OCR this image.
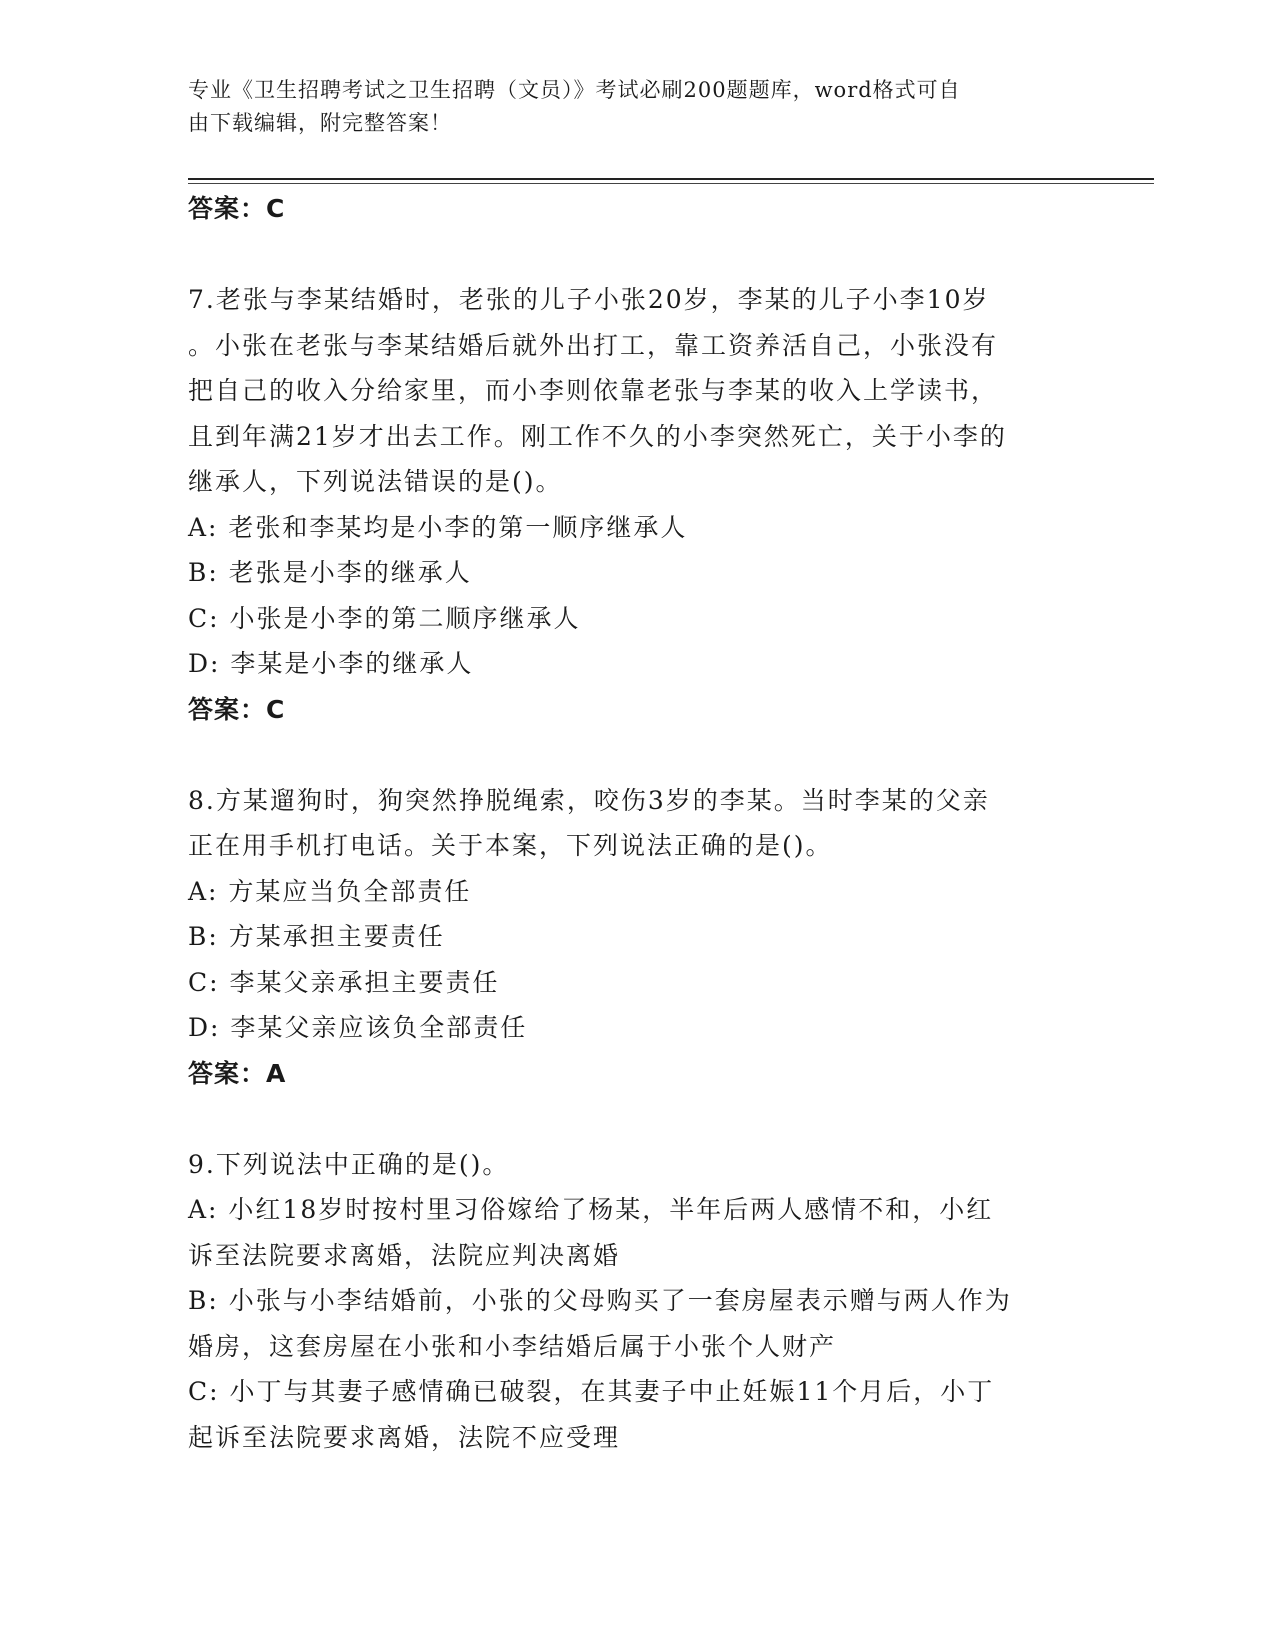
专业《卫生招聘考试之卫生招聘（文员）》考试必刷200题题库，word格式可自
由下载编辑，附完整答案！
答案：C
7.老张与李某结婚时，老张的儿子小张20岁，李某的儿子小李10岁
。小张在老张与李某结婚后就外出打工，靠工资养活自己，小张没有
把自己的收入分给家里，而小李则依靠老张与李某的收入上学读书，
且到年满21岁才出去工作。刚工作不久的小李突然死亡，关于小李的
继承人，下列说法错误的是()。
A: 老张和李某均是小李的第一顺序继承人
B: 老张是小李的继承人
C: 小张是小李的第二顺序继承人
D: 李某是小李的继承人
答案：C
8.方某遛狗时，狗突然挣脱绳索，咬伤3岁的李某。当时李某的父亲
正在用手机打电话。关于本案，下列说法正确的是()。
A: 方某应当负全部责任
B: 方某承担主要责任
C: 李某父亲承担主要责任
D: 李某父亲应该负全部责任
答案：A
9.下列说法中正确的是()。
A: 小红18岁时按村里习俗嫁给了杨某，半年后两人感情不和，小红
诉至法院要求离婚，法院应判决离婚
B: 小张与小李结婚前，小张的父母购买了一套房屋表示赠与两人作为
婚房，这套房屋在小张和小李结婚后属于小张个人财产
C: 小丁与其妻子感情确已破裂，在其妻子中止妊娠11个月后，小丁
起诉至法院要求离婚，法院不应受理
